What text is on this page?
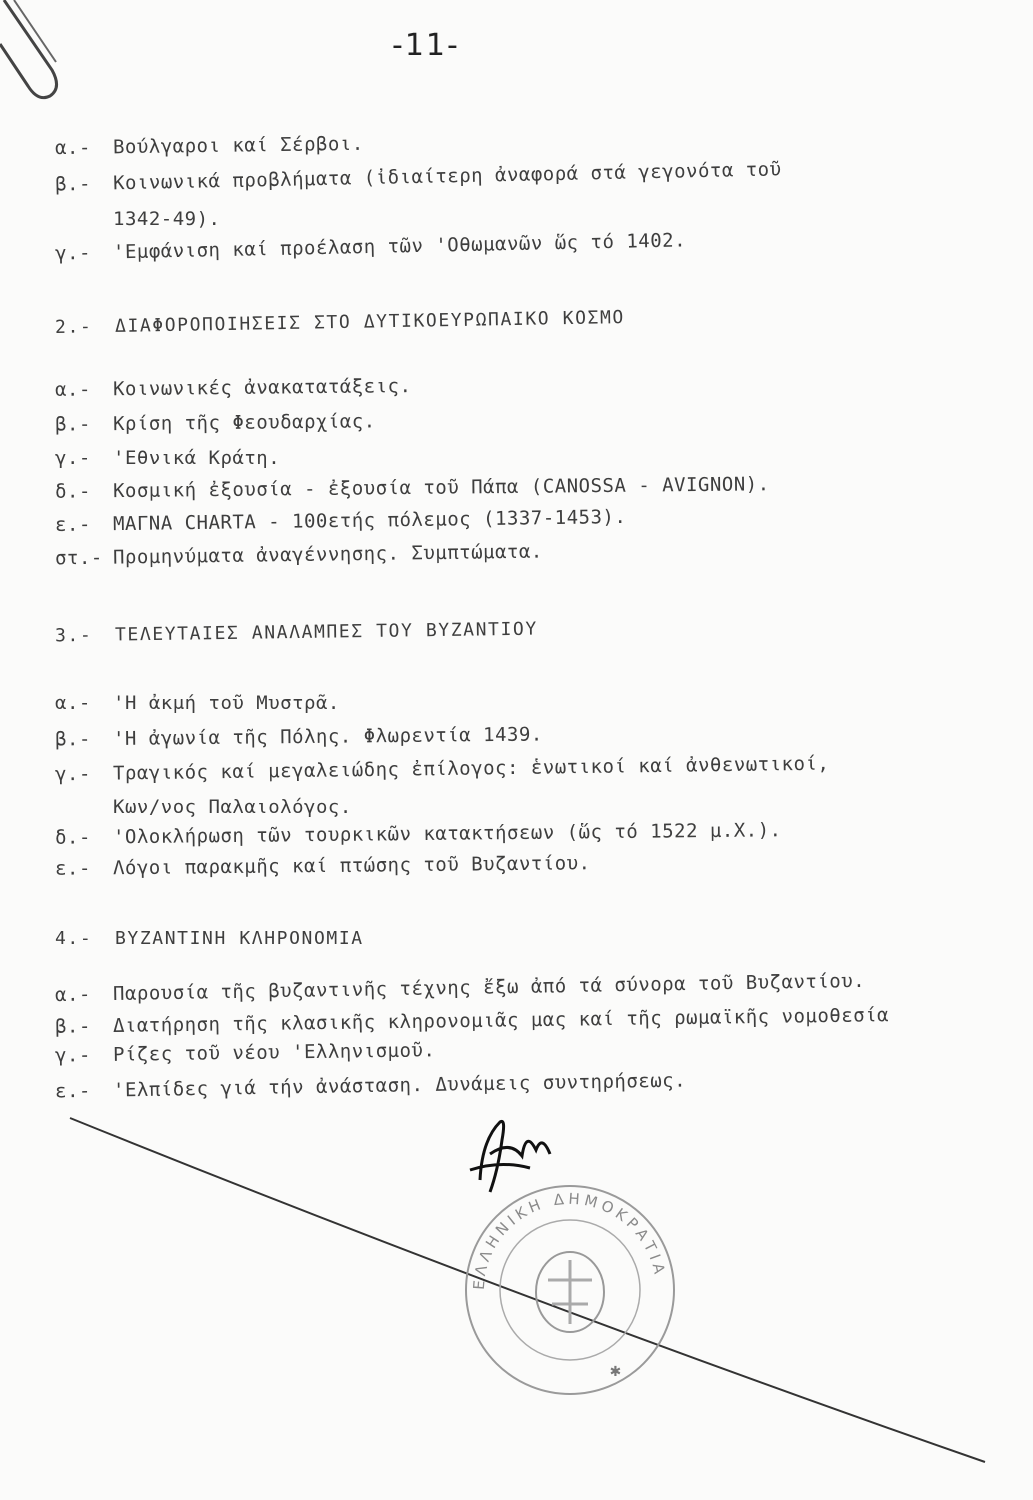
-11-
α.- Βούλγαροι καί Σέρβοι.
β.- Κοινωνικά προβλήματα (ἰδιαίτερη ἀναφορά στά γεγονότα τοῦ
1342-49).
γ.- 'Εμφάνιση καί προέλαση τῶν 'Οθωμανῶν ὥς τό 1402.
2.- ΔΙΑΦΟΡΟΠΟΙΗΣΕΙΣ ΣΤΟ ΔΥΤΙΚΟΕΥΡΩΠΑΙΚΟ ΚΟΣΜΟ
α.- Κοινωνικές ἀνακατατάξεις.
β.- Κρίση τῆς Φεουδαρχίας.
γ.- 'Εθνικά Κράτη.
δ.- Κοσμική ἐξουσία - ἐξουσία τοῦ Πάπα (CANOSSA - AVIGNON).
ε.- ΜΑΓΝΑ CHARTA - 100ετής πόλεμος (1337-1453).
στ.- Προμηνύματα ἀναγέννησης. Συμπτώματα.
3.- ΤΕΛΕΥΤΑΙΕΣ ΑΝΑΛΑΜΠΕΣ ΤΟΥ ΒΥΖΑΝΤΙΟΥ
α.- 'Η ἀκμή τοῦ Μυστρᾶ.
β.- 'Η ἀγωνία τῆς Πόλης. Φλωρεντία 1439.
γ.- Τραγικός καί μεγαλειώδης ἐπίλογος: ἑνωτικοί καί ἀνθενωτικοί,
Κων/νος Παλαιολόγος.
δ.- 'Ολοκλήρωση τῶν τουρκικῶν κατακτήσεων (ὥς τό 1522 μ.Χ.).
ε.- Λόγοι παρακμῆς καί πτώσης τοῦ Βυζαντίου.
4.- ΒΥΖΑΝΤΙΝΗ ΚΛΗΡΟΝΟΜΙΑ
α.- Παρουσία τῆς βυζαντινῆς τέχνης ἔξω ἀπό τά σύνορα τοῦ Βυζαντίου.
β.- Διατήρηση τῆς κλασικῆς κληρονομιᾶς μας καί τῆς ρωμαϊκῆς νομοθεσία
γ.- Ρίζες τοῦ νέου 'Ελληνισμοῦ.
ε.- 'Ελπίδες γιά τήν ἀνάσταση. Δυνάμεις συντηρήσεως.
ΕΛΛΗΝΙΚΗ ΔΗΜΟΚΡΑΤΙΑ
✱
